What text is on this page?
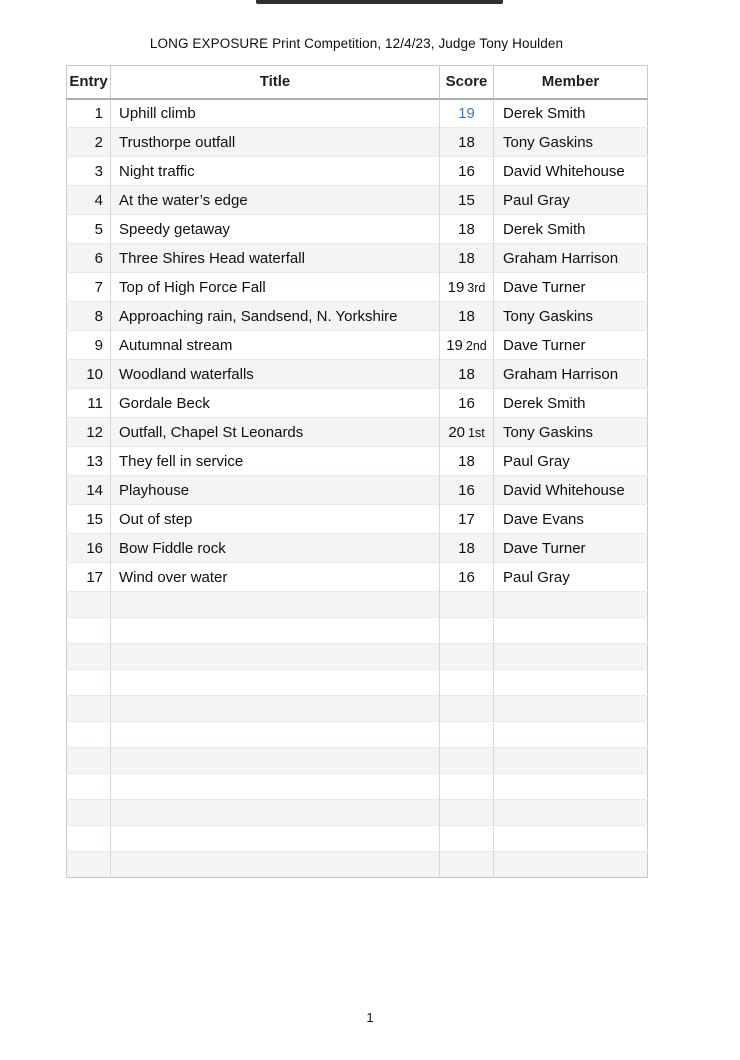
LONG EXPOSURE Print Competition, 12/4/23, Judge Tony Houlden
Entry	Title	Score	Member
1	Uphill climb	19	Derek Smith
2	Trusthorpe outfall	18	Tony Gaskins
3	Night traffic	16	David Whitehouse
4	At the water’s edge	15	Paul Gray
5	Speedy getaway	18	Derek Smith
6	Three Shires Head waterfall	18	Graham Harrison
7	Top of High Force Fall	19 3rd	Dave Turner
8	Approaching rain, Sandsend, N. Yorkshire	18	Tony Gaskins
9	Autumnal stream	19 2nd	Dave Turner
10	Woodland waterfalls	18	Graham Harrison
11	Gordale Beck	16	Derek Smith
12	Outfall, Chapel St Leonards	20 1st	Tony Gaskins
13	They fell in service	18	Paul Gray
14	Playhouse	16	David Whitehouse
15	Out of step	17	Dave Evans
16	Bow Fiddle rock	18	Dave Turner
17	Wind over water	16	Paul Gray

1
